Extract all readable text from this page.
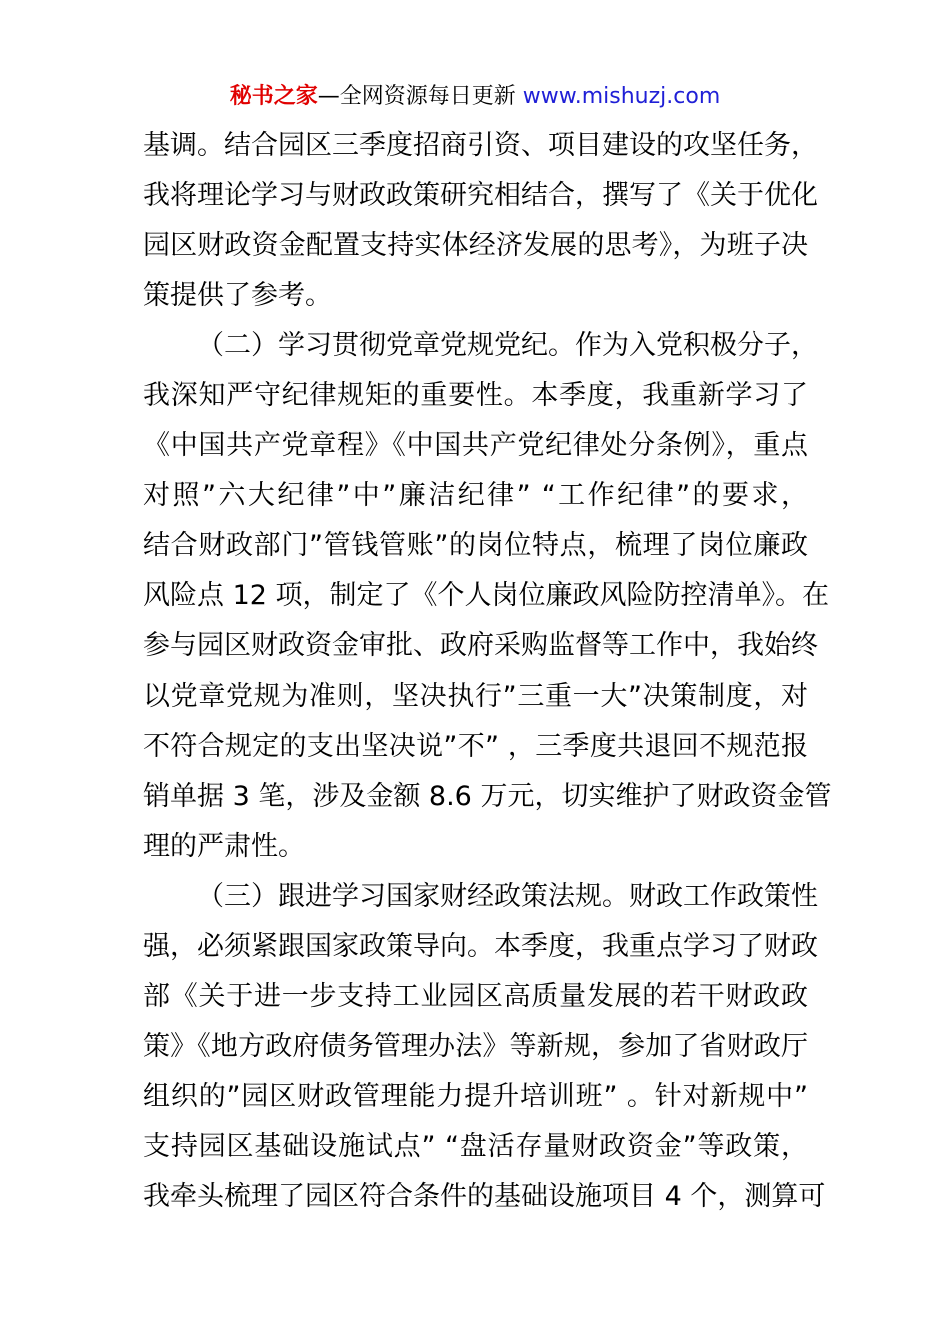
秘书之家—全网资源每日更新 www.mishuzj.com
基调。结合园区三季度招商引资、项目建设的攻坚任务，
我将理论学习与财政政策研究相结合，撰写了《关于优化
园区财政资金配置支持实体经济发展的思考》，为班子决
策提供了参考。
（二）学习贯彻党章党规党纪。作为入党积极分子，
我深知严守纪律规矩的重要性。本季度，我重新学习了
《中国共产党章程》《中国共产党纪律处分条例》，重点
对照”六大纪律”中”廉洁纪律” “工作纪律”的要求，
结合财政部门”管钱管账”的岗位特点，梳理了岗位廉政
风险点 12 项，制定了《个人岗位廉政风险防控清单》。在
参与园区财政资金审批、政府采购监督等工作中，我始终
以党章党规为准则，坚决执行”三重一大”决策制度，对
不符合规定的支出坚决说”不” ，三季度共退回不规范报
销单据 3 笔，涉及金额 8.6 万元，切实维护了财政资金管
理的严肃性。
（三）跟进学习国家财经政策法规。财政工作政策性
强，必须紧跟国家政策导向。本季度，我重点学习了财政
部《关于进一步支持工业园区高质量发展的若干财政政
策》《地方政府债务管理办法》等新规，参加了省财政厅
组织的”园区财政管理能力提升培训班” 。针对新规中”
支持园区基础设施试点” “盘活存量财政资金”等政策，
我牵头梳理了园区符合条件的基础设施项目 4 个，测算可
